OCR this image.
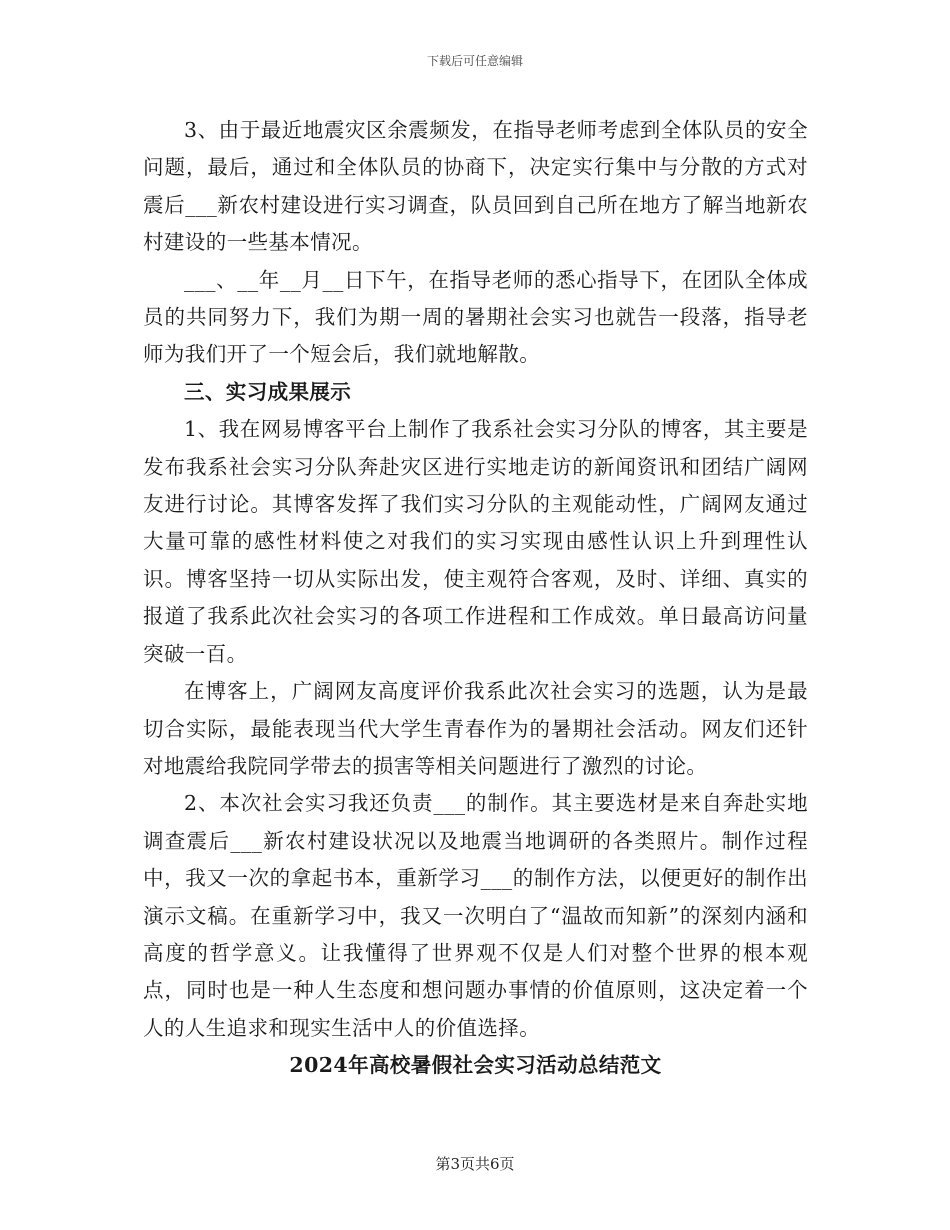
下载后可任意编辑

3、由于最近地震灾区余震频发，在指导老师考虑到全体队员的安全问题，最后，通过和全体队员的协商下，决定实行集中与分散的方式对震后___新农村建设进行实习调查，队员回到自己所在地方了解当地新农村建设的一些基本情况。

___、__年__月__日下午，在指导老师的悉心指导下，在团队全体成员的共同努力下，我们为期一周的暑期社会实习也就告一段落，指导老师为我们开了一个短会后，我们就地解散。

三、实习成果展示

1、我在网易博客平台上制作了我系社会实习分队的博客，其主要是发布我系社会实习分队奔赴灾区进行实地走访的新闻资讯和团结广阔网友进行讨论。其博客发挥了我们实习分队的主观能动性，广阔网友通过大量可靠的感性材料使之对我们的实习实现由感性认识上升到理性认识。博客坚持一切从实际出发，使主观符合客观，及时、详细、真实的报道了我系此次社会实习的各项工作进程和工作成效。单日最高访问量突破一百。

在博客上，广阔网友高度评价我系此次社会实习的选题，认为是最切合实际，最能表现当代大学生青春作为的暑期社会活动。网友们还针对地震给我院同学带去的损害等相关问题进行了激烈的讨论。

2、本次社会实习我还负责___的制作。其主要选材是来自奔赴实地调查震后___新农村建设状况以及地震当地调研的各类照片。制作过程中，我又一次的拿起书本，重新学习___的制作方法，以便更好的制作出演示文稿。在重新学习中，我又一次明白了“温故而知新”的深刻内涵和高度的哲学意义。让我懂得了世界观不仅是人们对整个世界的根本观点，同时也是一种人生态度和想问题办事情的价值原则，这决定着一个人的人生追求和现实生活中人的价值选择。

2024年高校暑假社会实习活动总结范文

第3页共6页
